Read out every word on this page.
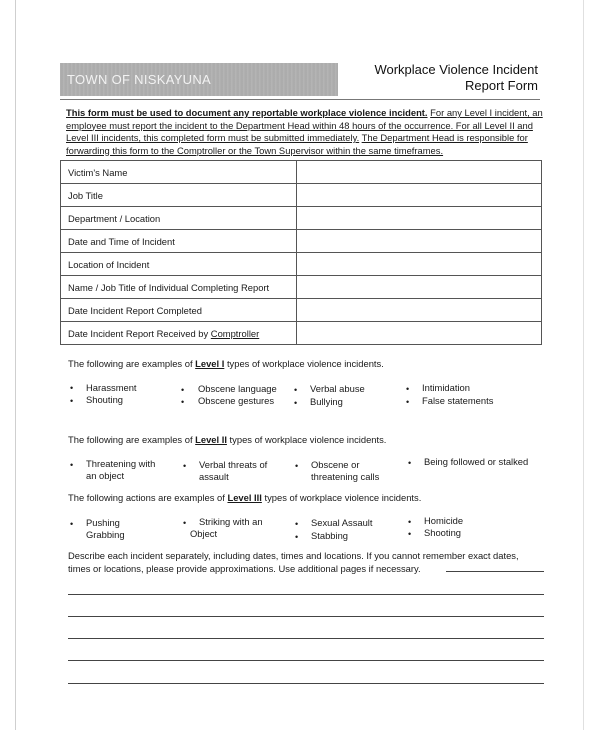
TOWN OF NISKAYUNA
Workplace Violence Incident
Report Form
This form must be used to document any reportable workplace violence incident. For any Level I incident, an employee must report the incident to the Department Head within 48 hours of the occurrence. For all Level II and Level III incidents, this completed form must be submitted immediately. The Department Head is responsible for forwarding this form to the Comptroller or the Town Supervisor within the same timeframes.
Victim's Name	
Job Title	
Department / Location	
Date and Time of Incident	
Location of Incident	
Name / Job Title of Individual Completing Report	
Date Incident Report Completed	
Date Incident Report Received by Comptroller	
The following are examples of Level I types of workplace violence incidents.
• Harassment
• Shouting
• Obscene language
• Obscene gestures
• Verbal abuse
• Bullying
• Intimidation
• False statements
The following are examples of Level II types of workplace violence incidents.
• Threatening with
an object
• Verbal threats of
assault
• Obscene or
threatening calls
• Being followed or stalked
The following actions are examples of Level III types of workplace violence incidents.
• Pushing
Grabbing
• Striking with an
Object
• Sexual Assault
• Stabbing
• Homicide
• Shooting
Describe each incident separately, including dates, times and locations. If you cannot remember exact dates,
times or locations, please provide approximations. Use additional pages if necessary.
